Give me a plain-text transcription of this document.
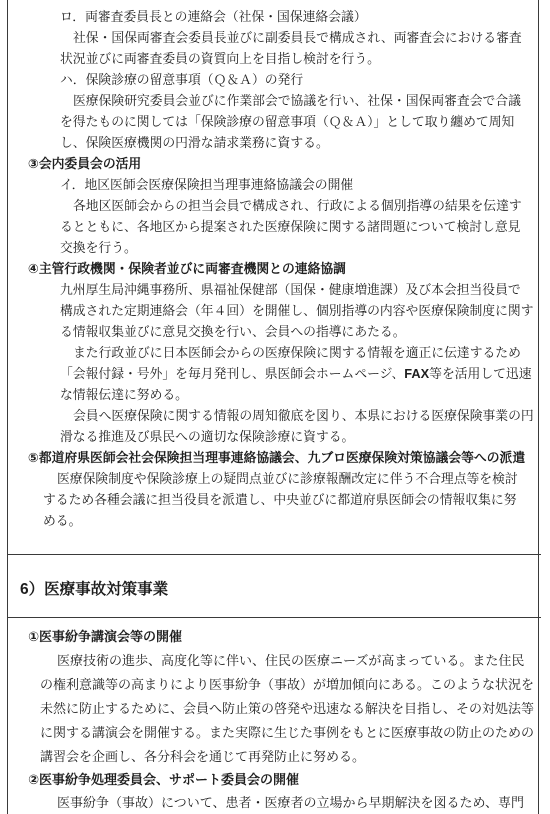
ロ．両審査委員長との連絡会（社保・国保連絡会議）
社保・国保両審査会委員長並びに副委員長で構成され、両審査会における審査
状況並びに両審査委員の資質向上を目指し検討を行う。
ハ．保険診療の留意事項（Ｑ＆Ａ）の発行
医療保険研究委員会並びに作業部会で協議を行い、社保・国保両審査会で合議
を得たものに関しては「保険診療の留意事項（Ｑ＆Ａ）」として取り纏めて周知
し、保険医療機関の円滑な請求業務に資する。
③会内委員会の活用
イ．地区医師会医療保険担当理事連絡協議会の開催
各地区医師会からの担当会員で構成され、行政による個別指導の結果を伝達す
るとともに、各地区から提案された医療保険に関する諸問題について検討し意見
交換を行う。
④主管行政機関・保険者並びに両審査機関との連絡協調
九州厚生局沖縄事務所、県福祉保健部（国保・健康増進課）及び本会担当役員で
構成された定期連絡会（年４回）を開催し、個別指導の内容や医療保険制度に関す
る情報収集並びに意見交換を行い、会員への指導にあたる。
また行政並びに日本医師会からの医療保険に関する情報を適正に伝達するため
「会報付録・号外」を毎月発刊し、県医師会ホームページ、FAX等を活用して迅速
な情報伝達に努める。
会員へ医療保険に関する情報の周知徹底を図り、本県における医療保険事業の円
滑なる推進及び県民への適切な保険診療に資する。
⑤都道府県医師会社会保険担当理事連絡協議会、九ブロ医療保険対策協議会等への派遣
医療保険制度や保険診療上の疑問点並びに診療報酬改定に伴う不合理点等を検討
するため各種会議に担当役員を派遣し、中央並びに都道府県医師会の情報収集に努
める。
6）医療事故対策事業
①医事紛争講演会等の開催
医療技術の進歩、高度化等に伴い、住民の医療ニーズが高まっている。また住民
の権利意識等の高まりにより医事紛争（事故）が増加傾向にある。このような状況を
未然に防止するために、会員へ防止策の啓発や迅速なる解決を目指し、その対処法等
に関する講演会を開催する。また実際に生じた事例をもとに医療事故の防止のための
講習会を企画し、各分科会を通じて再発防止に努める。
②医事紛争処理委員会、サポート委員会の開催
医事紛争（事故）について、患者・医療者の立場から早期解決を図るため、専門
